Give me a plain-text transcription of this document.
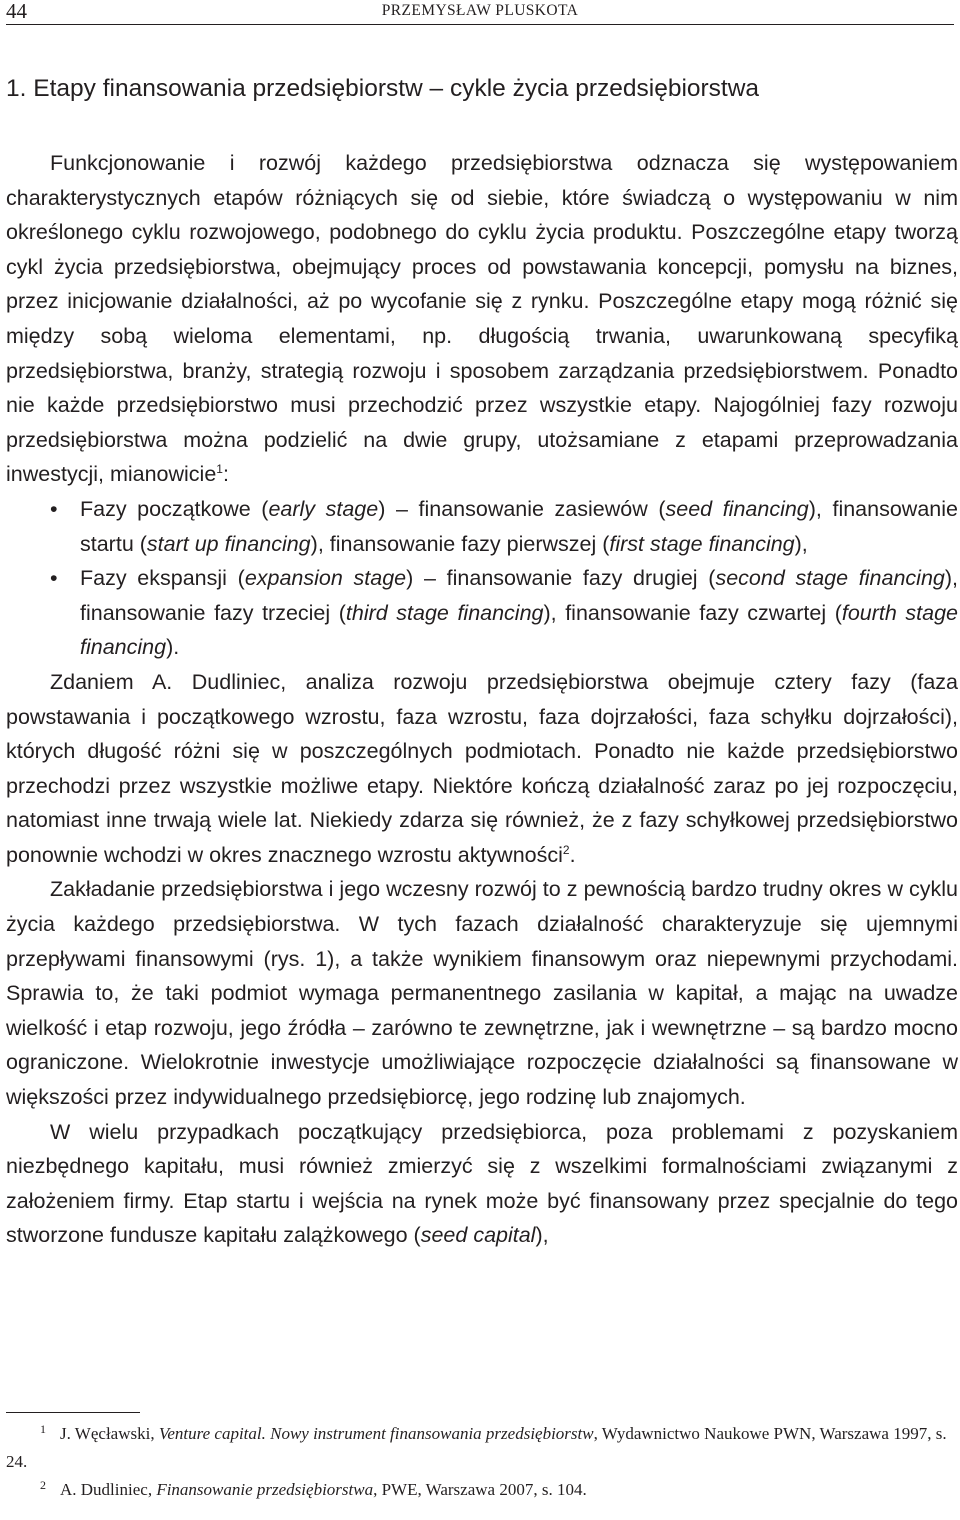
44	PRZEMYSŁAW PLUSKOTA
1. Etapy finansowania przedsiębiorstw – cykle życia przedsiębiorstwa

Funkcjonowanie i rozwój każdego przedsiębiorstwa odznacza się występowaniem charakterystycznych etapów różniących się od siebie, które świadczą o występowaniu w nim określonego cyklu rozwojowego, podobnego do cyklu życia produktu. Poszczególne etapy tworzą cykl życia przedsiębiorstwa, obejmujący proces od powstawania koncepcji, pomysłu na biznes, przez inicjowanie działalności, aż po wycofanie się z rynku. Poszczególne etapy mogą różnić się między sobą wieloma elementami, np. długością trwania, uwarunkowaną specyfiką przedsiębiorstwa, branży, strategią rozwoju i sposobem zarządzania przedsiębiorstwem. Ponadto nie każde przedsiębiorstwo musi przechodzić przez wszystkie etapy. Najogólniej fazy rozwoju przedsiębiorstwa można podzielić na dwie grupy, utożsamiane z etapami przeprowadzania inwestycji, mianowicie$^1$:

• Fazy początkowe (early stage) – finansowanie zasiewów (seed financing), finansowanie startu (start up financing), finansowanie fazy pierwszej (first stage financing),
• Fazy ekspansji (expansion stage) – finansowanie fazy drugiej (second stage financing), finansowanie fazy trzeciej (third stage financing), finansowanie fazy czwartej (fourth stage financing).

Zdaniem A. Dudliniec, analiza rozwoju przedsiębiorstwa obejmuje cztery fazy (faza powstawania i początkowego wzrostu, faza wzrostu, faza dojrzałości, faza schyłku dojrzałości), których długość różni się w poszczególnych podmiotach. Ponadto nie każde przedsiębiorstwo przechodzi przez wszystkie możliwe etapy. Niektóre kończą działalność zaraz po jej rozpoczęciu, natomiast inne trwają wiele lat. Niekiedy zdarza się również, że z fazy schyłkowej przedsiębiorstwo ponownie wchodzi w okres znacznego wzrostu aktywności$^2$.

Zakładanie przedsiębiorstwa i jego wczesny rozwój to z pewnością bardzo trudny okres w cyklu życia każdego przedsiębiorstwa. W tych fazach działalność charakteryzuje się ujemnymi przepływami finansowymi (rys. 1), a także wynikiem finansowym oraz niepewnymi przychodami. Sprawia to, że taki podmiot wymaga permanentnego zasilania w kapitał, a mając na uwadze wielkość i etap rozwoju, jego źródła – zarówno te zewnętrzne, jak i wewnętrzne – są bardzo mocno ograniczone. Wielokrotnie inwestycje umożliwiające rozpoczęcie działalności są finansowane w większości przez indywidualnego przedsiębiorcę, jego rodzinę lub znajomych.

W wielu przypadkach początkujący przedsiębiorca, poza problemami z pozyskaniem niezbędnego kapitału, musi również zmierzyć się z wszelkimi formalnościami związanymi z założeniem firmy. Etap startu i wejścia na rynek może być finansowany przez specjalnie do tego stworzone fundusze kapitału zalążkowego (seed capital),

$^1$ J. Węcławski, Venture capital. Nowy instrument finansowania przedsiębiorstw, Wydawnictwo Naukowe PWN, Warszawa 1997, s. 24.

$^2$ A. Dudliniec, Finansowanie przedsiębiorstwa, PWE, Warszawa 2007, s. 104.
